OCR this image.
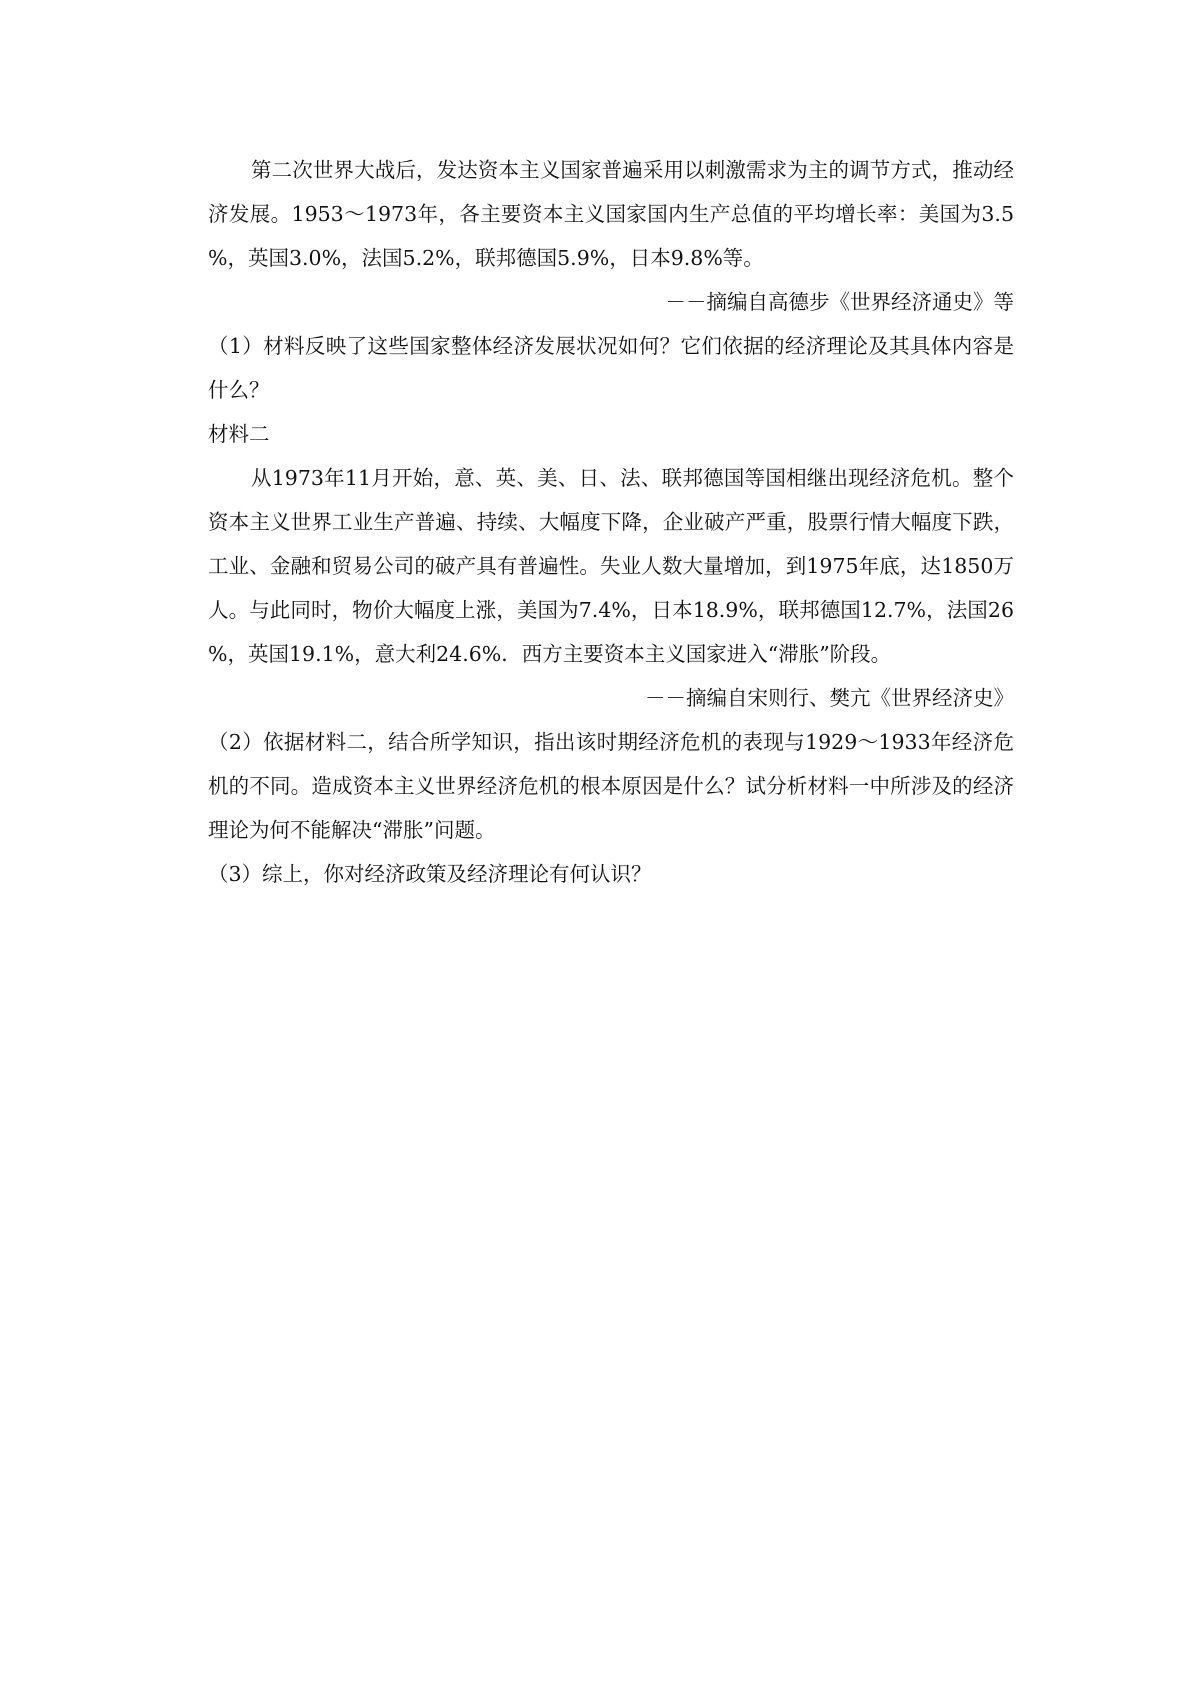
第二次世界大战后，发达资本主义国家普遍采用以刺激需求为主的调节方式，推动经济发展。1953～1973年，各主要资本主义国家国内生产总值的平均增长率：美国为3.5%，英国3.0%，法国5.2%，联邦德国5.9%，日本9.8%等。

－－摘编自高德步《世界经济通史》等

（1）材料反映了这些国家整体经济发展状况如何？它们依据的经济理论及其具体内容是什么？

材料二

从1973年11月开始，意、英、美、日、法、联邦德国等国相继出现经济危机。整个资本主义世界工业生产普遍、持续、大幅度下降，企业破产严重，股票行情大幅度下跌，工业、金融和贸易公司的破产具有普遍性。失业人数大量增加，到1975年底，达1850万人。与此同时，物价大幅度上涨，美国为7.4%，日本18.9%，联邦德国12.7%，法国26%，英国19.1%，意大利24.6%．西方主要资本主义国家进入“滞胀”阶段。

－－摘编自宋则行、樊亢《世界经济史》

（2）依据材料二，结合所学知识，指出该时期经济危机的表现与1929～1933年经济危机的不同。造成资本主义世界经济危机的根本原因是什么？试分析材料一中所涉及的经济理论为何不能解决“滞胀”问题。

（3）综上，你对经济政策及经济理论有何认识？
